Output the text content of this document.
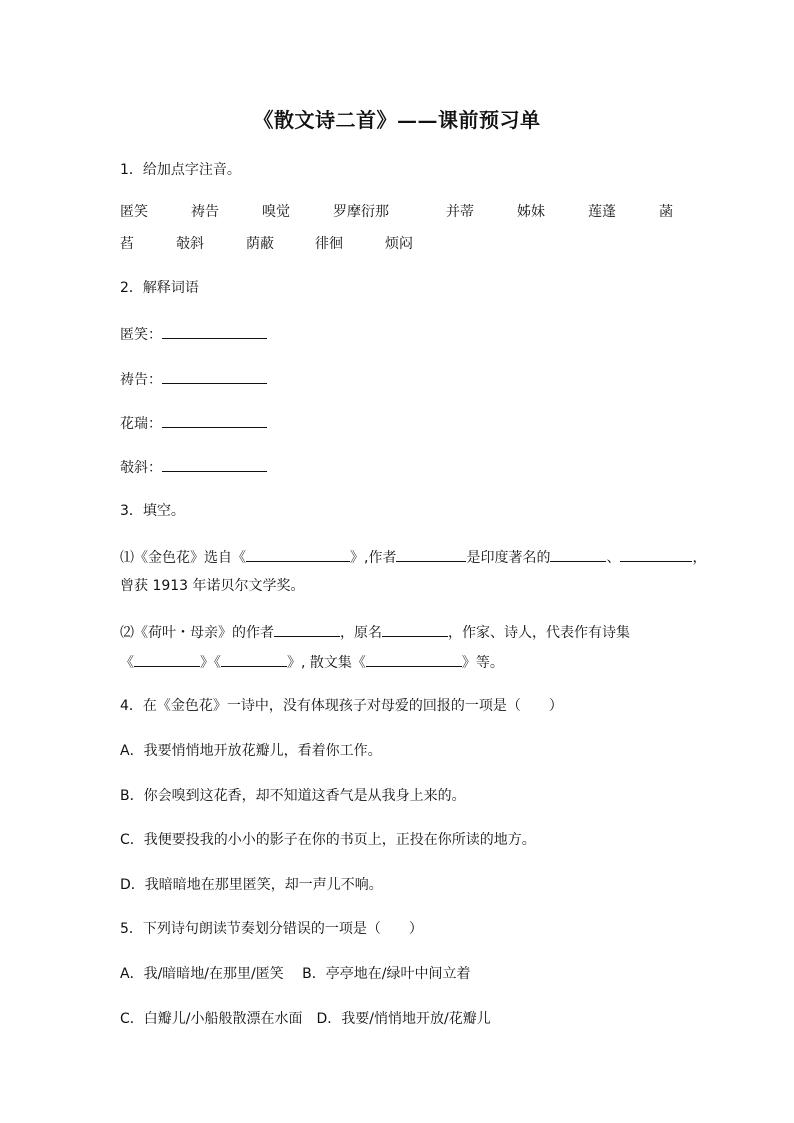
《散文诗二首》——课前预习单
1．给加点字注音。
匿笑	祷告	嗅觉	罗摩衍那	并蒂	姊妹	莲蓬	菡
萏	攲斜	荫蔽	徘徊	烦闷
2．解释词语
匿笑：
祷告：
花瑞：
攲斜：
3．填空。
⑴《金色花》选自《	》,作者	是印度著名的	、	，
曾获 1913 年诺贝尔文学奖。
⑵《荷叶・母亲》的作者	，原名	，作家、诗人，代表作有诗集
《	》《	》, 散文集《	》等。
4．在《金色花》一诗中，没有体现孩子对母爱的回报的一项是（　　）
A．我要悄悄地开放花瓣儿，看着你工作。
B．你会嗅到这花香，却不知道这香气是从我身上来的。
C．我便要投我的小小的影子在你的书页上，正投在你所读的地方。
D．我暗暗地在那里匿笑，却一声儿不响。
5．下列诗句朗读节奏划分错误的一项是（　　）
A．我/暗暗地/在那里/匿笑　 B．亭亭地在/绿叶中间立着
C．白瓣儿/小船般散漂在水面　D．我要/悄悄地开放/花瓣儿
